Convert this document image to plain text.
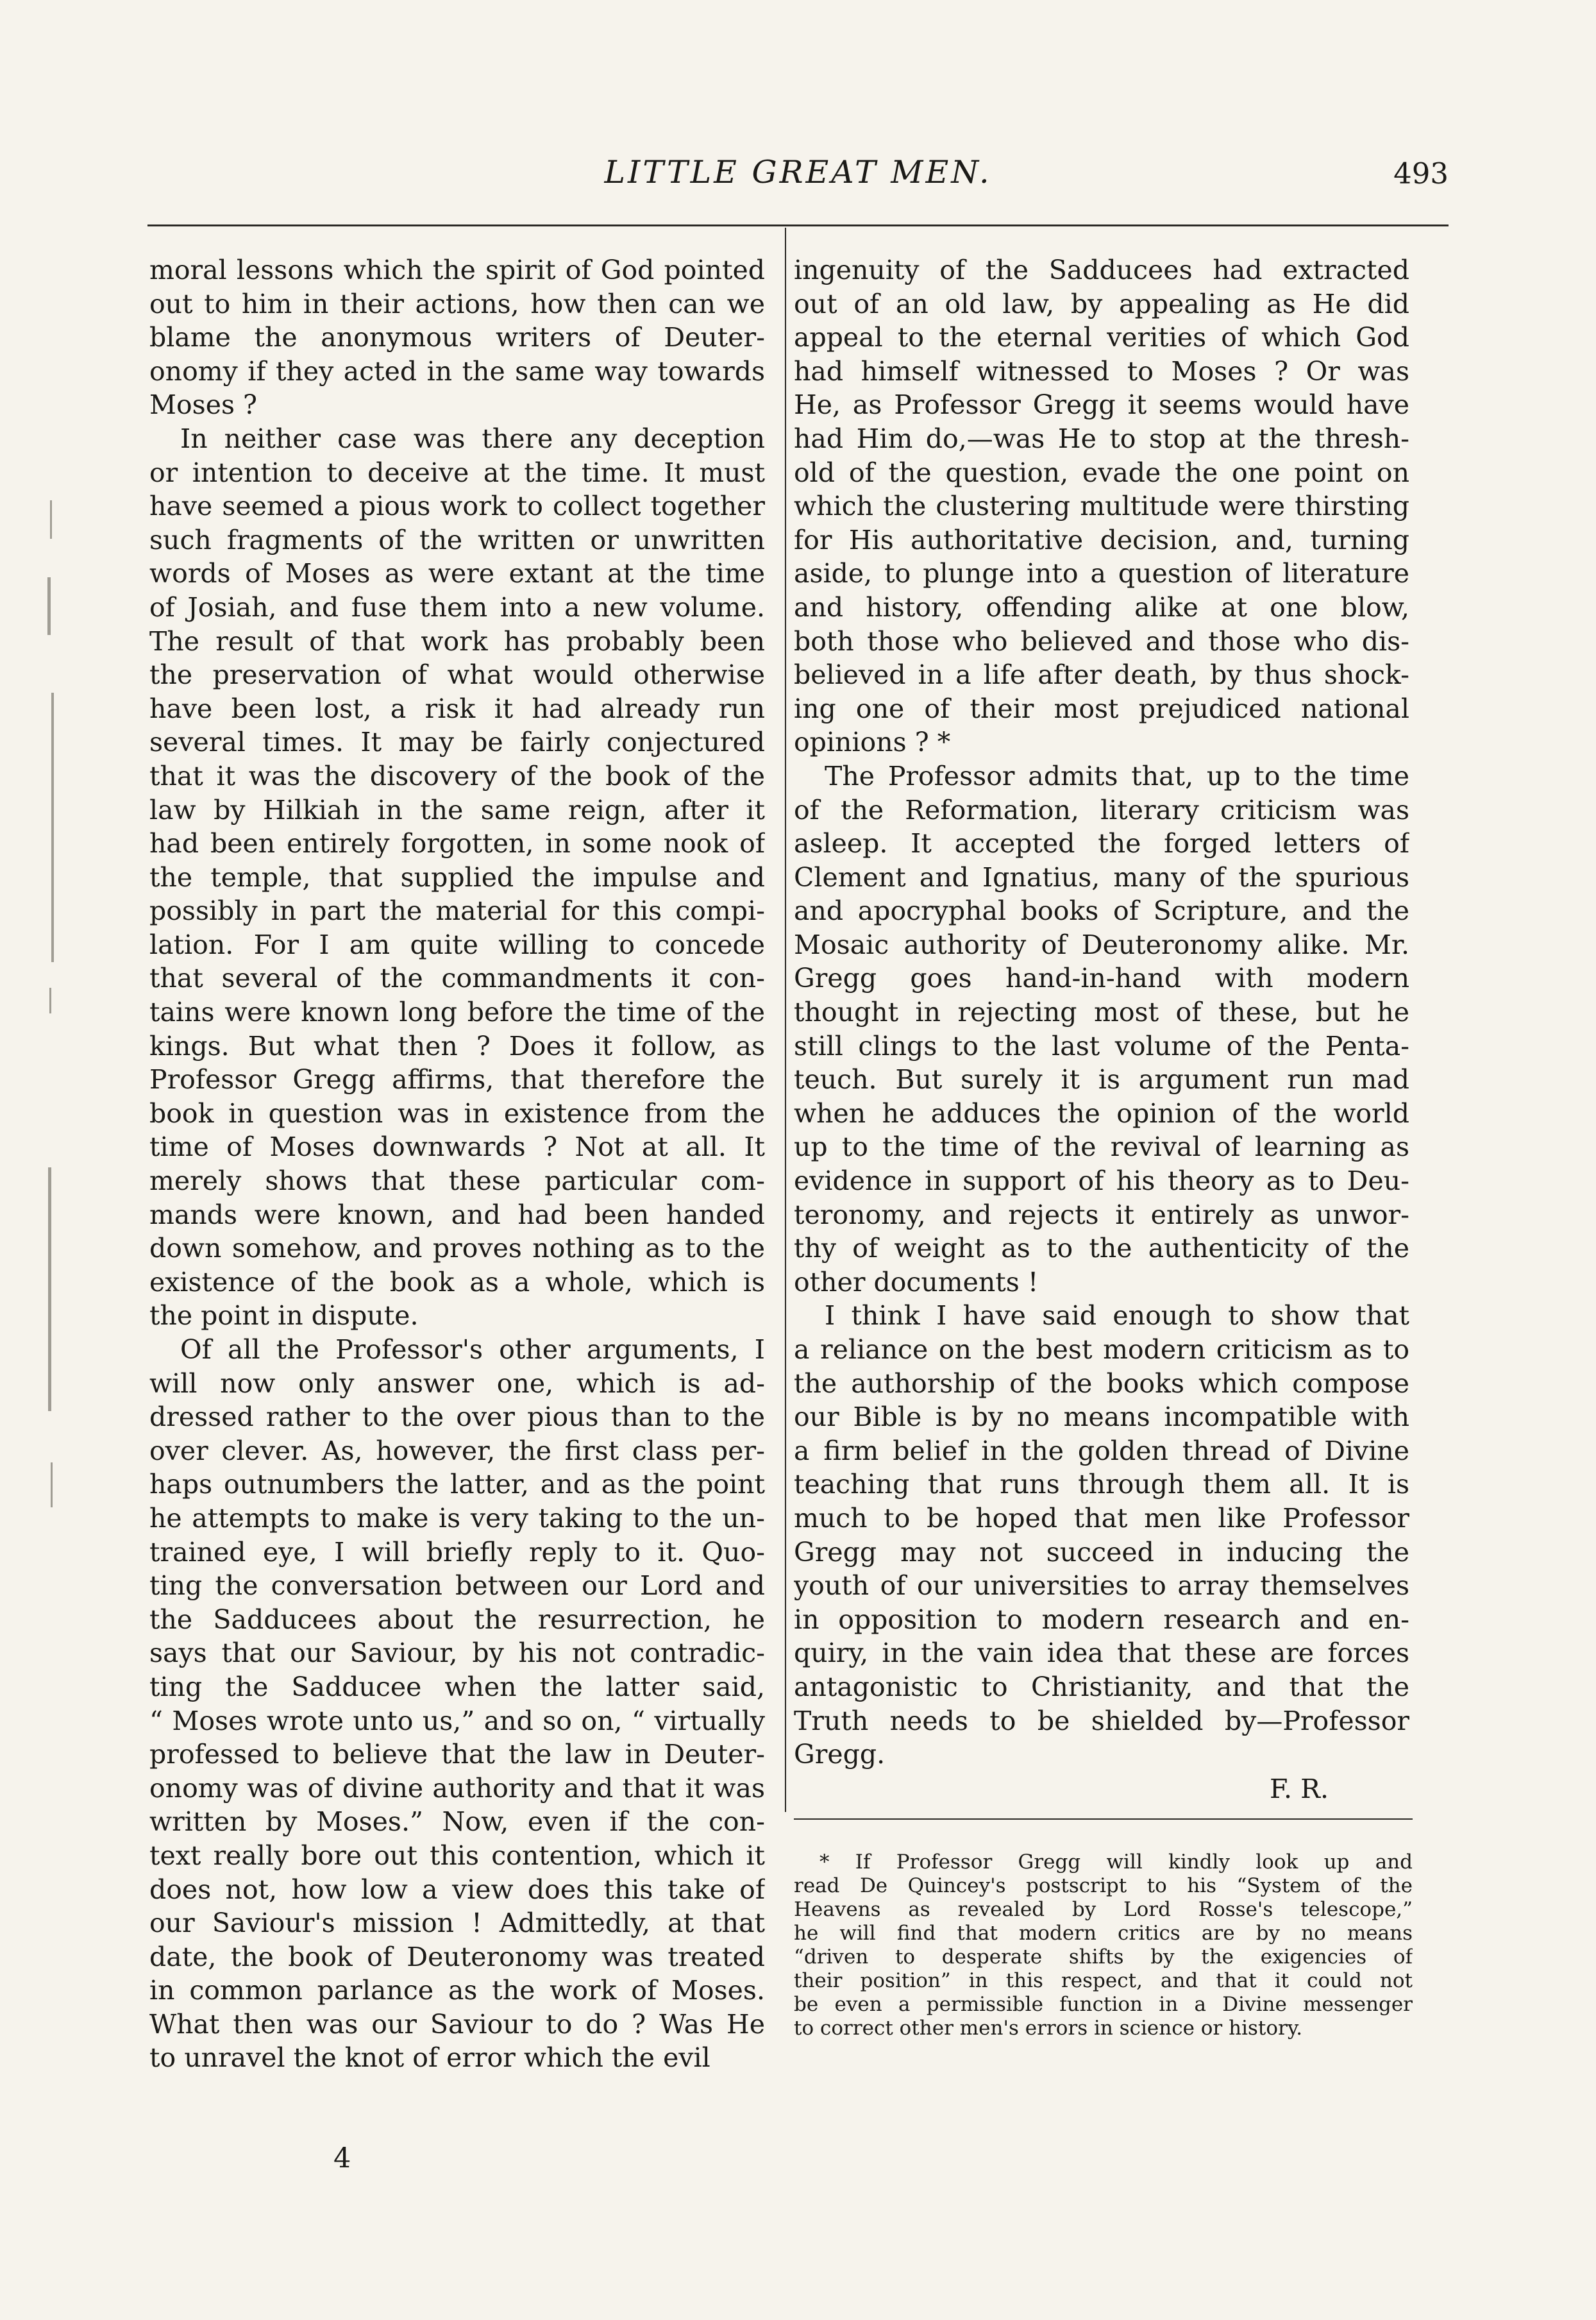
LITTLE GREAT MEN.	493
moral lessons which the spirit of God pointed
out to him in their actions, how then can we
blame the anonymous writers of Deuter-
onomy if they acted in the same way towards
Moses ?
In neither case was there any deception
or intention to deceive at the time. It must
have seemed a pious work to collect together
such fragments of the written or unwritten
words of Moses as were extant at the time
of Josiah, and fuse them into a new volume.
The result of that work has probably been
the preservation of what would otherwise
have been lost, a risk it had already run
several times. It may be fairly conjectured
that it was the discovery of the book of the
law by Hilkiah in the same reign, after it
had been entirely forgotten, in some nook of
the temple, that supplied the impulse and
possibly in part the material for this compi-
lation. For I am quite willing to concede
that several of the commandments it con-
tains were known long before the time of the
kings. But what then ? Does it follow, as
Professor Gregg affirms, that therefore the
book in question was in existence from the
time of Moses downwards ? Not at all. It
merely shows that these particular com-
mands were known, and had been handed
down somehow, and proves nothing as to the
existence of the book as a whole, which is
the point in dispute.
Of all the Professor's other arguments, I
will now only answer one, which is ad-
dressed rather to the over pious than to the
over clever. As, however, the first class per-
haps outnumbers the latter, and as the point
he attempts to make is very taking to the un-
trained eye, I will briefly reply to it. Quo-
ting the conversation between our Lord and
the Sadducees about the resurrection, he
says that our Saviour, by his not contradic-
ting the Sadducee when the latter said,
“ Moses wrote unto us,” and so on, “ virtually
professed to believe that the law in Deuter-
onomy was of divine authority and that it was
written by Moses.” Now, even if the con-
text really bore out this contention, which it
does not, how low a view does this take of
our Saviour's mission ! Admittedly, at that
date, the book of Deuteronomy was treated
in common parlance as the work of Moses.
What then was our Saviour to do ? Was He
to unravel the knot of error which the evil
ingenuity of the Sadducees had extracted
out of an old law, by appealing as He did
appeal to the eternal verities of which God
had himself witnessed to Moses ? Or was
He, as Professor Gregg it seems would have
had Him do,—was He to stop at the thresh-
old of the question, evade the one point on
which the clustering multitude were thirsting
for His authoritative decision, and, turning
aside, to plunge into a question of literature
and history, offending alike at one blow,
both those who believed and those who dis-
believed in a life after death, by thus shock-
ing one of their most prejudiced national
opinions ? *
The Professor admits that, up to the time
of the Reformation, literary criticism was
asleep. It accepted the forged letters of
Clement and Ignatius, many of the spurious
and apocryphal books of Scripture, and the
Mosaic authority of Deuteronomy alike. Mr.
Gregg goes hand-in-hand with modern
thought in rejecting most of these, but he
still clings to the last volume of the Penta-
teuch. But surely it is argument run mad
when he adduces the opinion of the world
up to the time of the revival of learning as
evidence in support of his theory as to Deu-
teronomy, and rejects it entirely as unwor-
thy of weight as to the authenticity of the
other documents !
I think I have said enough to show that
a reliance on the best modern criticism as to
the authorship of the books which compose
our Bible is by no means incompatible with
a firm belief in the golden thread of Divine
teaching that runs through them all. It is
much to be hoped that men like Professor
Gregg may not succeed in inducing the
youth of our universities to array themselves
in opposition to modern research and en-
quiry, in the vain idea that these are forces
antagonistic to Christianity, and that the
Truth needs to be shielded by—Professor
Gregg.
F. R.
* If Professor Gregg will kindly look up and
read De Quincey's postscript to his “System of the
Heavens as revealed by Lord Rosse's telescope,”
he will find that modern critics are by no means
“driven to desperate shifts by the exigencies of
their position” in this respect, and that it could not
be even a permissible function in a Divine messenger
to correct other men's errors in science or history.
4
